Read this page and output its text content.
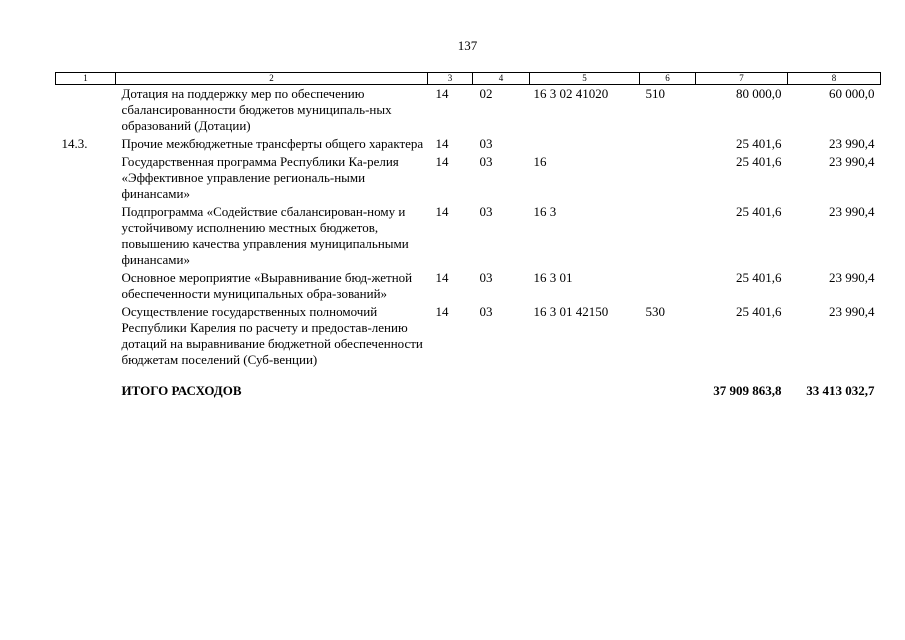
137
1	2	3	4	5	6	7	8
	Дотация на поддержку мер по обеспечению сбалансированности бюджетов муниципаль-ных образований (Дотации)	14	02	16 3 02 41020	510	80 000,0	60 000,0
14.3.	Прочие межбюджетные трансферты общего характера	14	03			25 401,6	23 990,4
	Государственная программа Республики Ка-релия «Эффективное управление региональ-ными финансами»	14	03	16		25 401,6	23 990,4
	Подпрограмма «Содействие сбалансирован-ному и устойчивому исполнению местных бюджетов, повышению качества управления муниципальными финансами»	14	03	16 3		25 401,6	23 990,4
	Основное мероприятие «Выравнивание бюд-жетной обеспеченности муниципальных обра-зований»	14	03	16 3 01		25 401,6	23 990,4
	Осуществление государственных полномочий Республики Карелия по расчету и предостав-лению дотаций на выравнивание бюджетной обеспеченности бюджетам поселений (Суб-венции)	14	03	16 3 01 42150	530	25 401,6	23 990,4
	ИТОГО РАСХОДОВ					37 909 863,8	33 413 032,7
